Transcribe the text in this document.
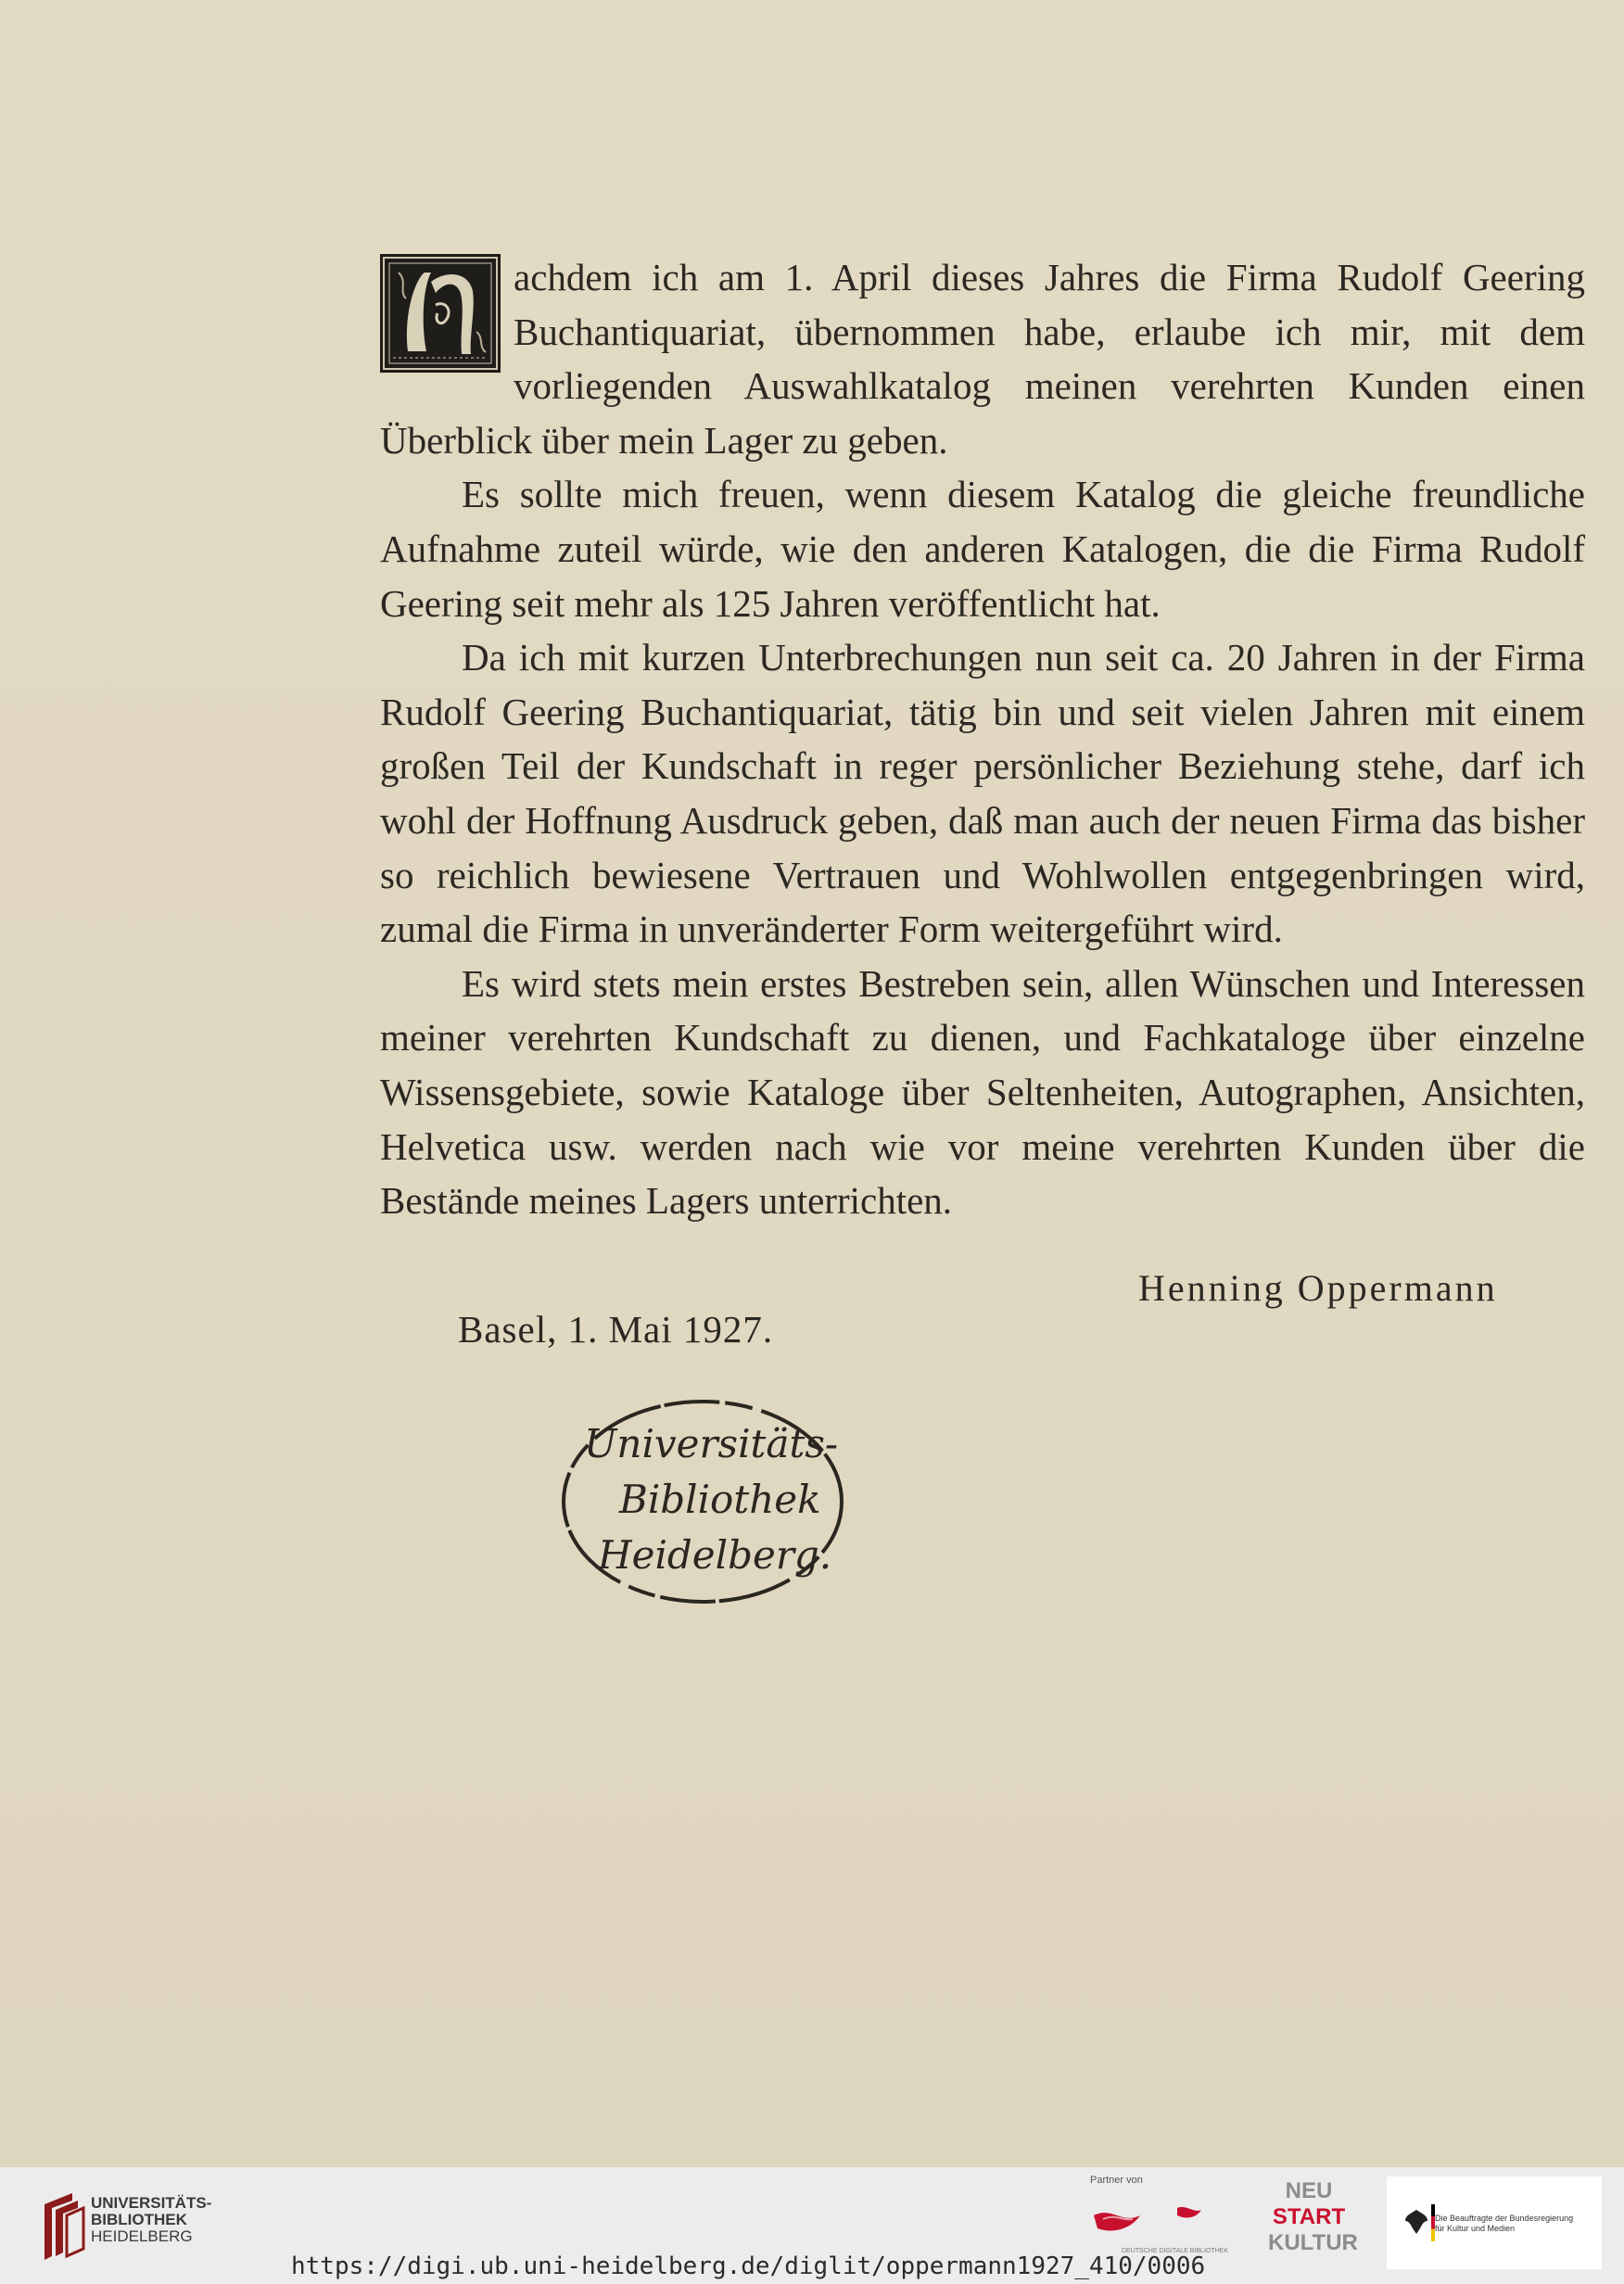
achdem ich am 1. April dieses Jahres die Firma Rudolf Geering Buchantiquariat, übernommen habe, erlaube ich mir, mit dem vorliegenden Auswahlkatalog meinen verehrten Kunden einen Überblick über mein Lager zu geben.

Es sollte mich freuen, wenn diesem Katalog die gleiche freundliche Aufnahme zuteil würde, wie den anderen Katalogen, die die Firma Rudolf Geering seit mehr als 125 Jahren veröffentlicht hat.

Da ich mit kurzen Unterbrechungen nun seit ca. 20 Jahren in der Firma Rudolf Geering Buchantiquariat, tätig bin und seit vielen Jahren mit einem großen Teil der Kundschaft in reger persönlicher Beziehung stehe, darf ich wohl der Hoffnung Ausdruck geben, daß man auch der neuen Firma das bisher so reichlich bewiesene Vertrauen und Wohlwollen entgegenbringen wird, zumal die Firma in unveränderter Form weitergeführt wird.

Es wird stets mein erstes Bestreben sein, allen Wünschen und Interessen meiner verehrten Kundschaft zu dienen, und Fachkataloge über einzelne Wissensgebiete, sowie Kataloge über Seltenheiten, Autographen, Ansichten, Helvetica usw. werden nach wie vor meine verehrten Kunden über die Bestände meines Lagers unterrichten.

Henning Oppermann
Basel, 1. Mai 1927.
Universitäts-
Bibliothek
Heidelberg.
UNIVERSITÄTS-
BIBLIOTHEK
HEIDELBERG
https://digi.ub.uni-heidelberg.de/diglit/oppermann1927_410/0006
Partner von
DEUTSCHE DIGITALE BIBLIOTHEK
NEU
START
KULTUR
Die Beauftragte der Bundesregierung
für Kultur und Medien
